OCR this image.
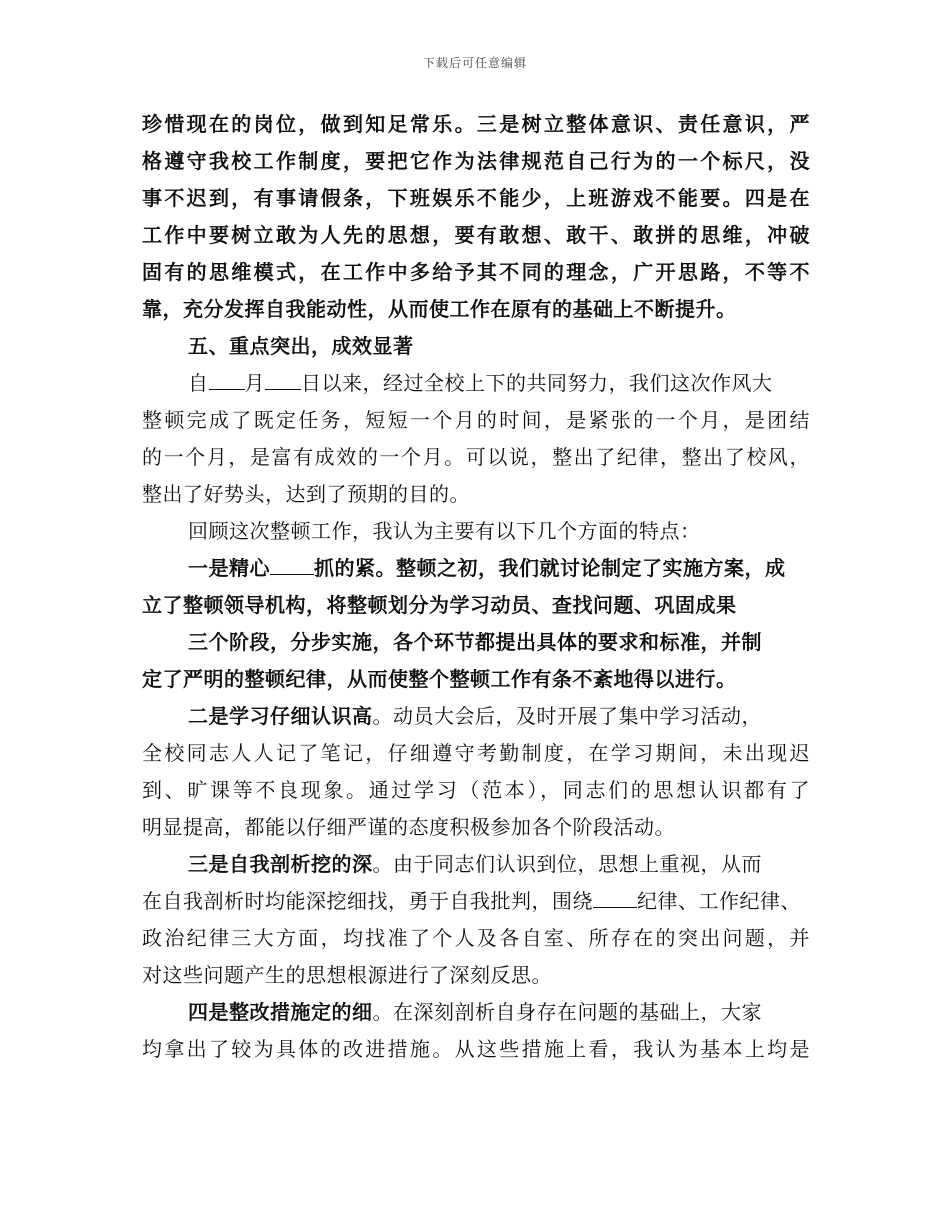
下载后可任意编辑
珍惜现在的岗位，做到知足常乐。三是树立整体意识、责任意识，严
格遵守我校工作制度，要把它作为法律规范自己行为的一个标尺，没
事不迟到，有事请假条，下班娱乐不能少，上班游戏不能要。四是在
工作中要树立敢为人先的思想，要有敢想、敢干、敢拼的思维，冲破
固有的思维模式，在工作中多给予其不同的理念，广开思路，不等不
靠，充分发挥自我能动性，从而使工作在原有的基础上不断提升。
五、重点突出，成效显著
自 月 日以来，经过全校上下的共同努力，我们这次作风大
整顿完成了既定任务，短短一个月的时间，是紧张的一个月，是团结
的一个月，是富有成效的一个月。可以说，整出了纪律，整出了校风，
整出了好势头，达到了预期的目的。
回顾这次整顿工作，我认为主要有以下几个方面的特点：
一是精心 抓的紧。整顿之初，我们就讨论制定了实施方案，成
立了整顿领导机构，将整顿划分为学习动员、查找问题、巩固成果
三个阶段，分步实施，各个环节都提出具体的要求和标准，并制
定了严明的整顿纪律，从而使整个整顿工作有条不紊地得以进行。
二是学习仔细认识高。动员大会后，及时开展了集中学习活动，
全校同志人人记了笔记，仔细遵守考勤制度，在学习期间，未出现迟
到、旷课等不良现象。通过学习（范本），同志们的思想认识都有了
明显提高，都能以仔细严谨的态度积极参加各个阶段活动。
三是自我剖析挖的深。由于同志们认识到位，思想上重视，从而
在自我剖析时均能深挖细找，勇于自我批判，围绕 纪律、工作纪律、
政治纪律三大方面，均找准了个人及各自室、所存在的突出问题，并
对这些问题产生的思想根源进行了深刻反思。
四是整改措施定的细。在深刻剖析自身存在问题的基础上，大家
均拿出了较为具体的改进措施。从这些措施上看，我认为基本上均是
